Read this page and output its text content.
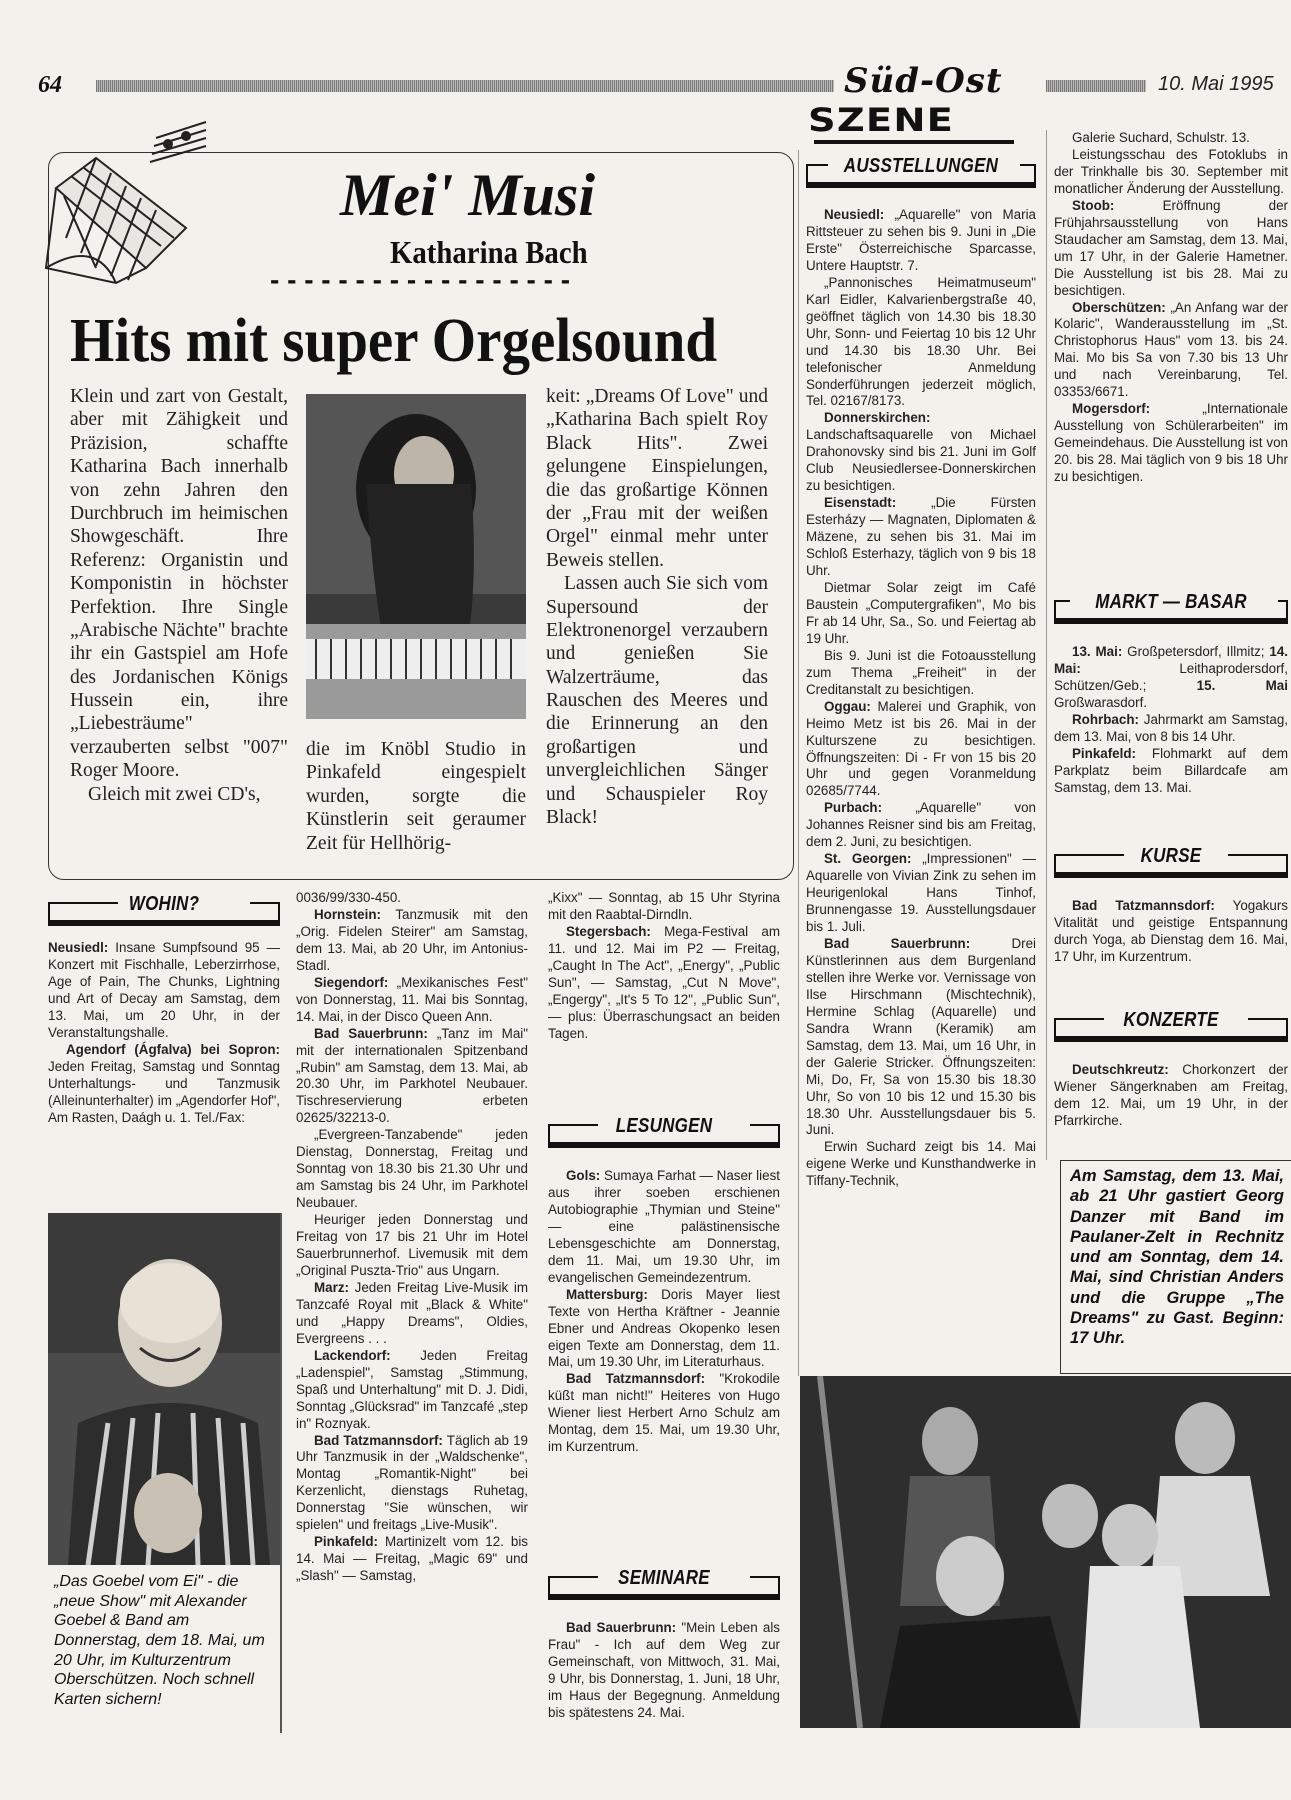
64	10. Mai 1995
Süd-Ost
SZENE
Mei' Musi
Katharina Bach
- - - - - - - - - - - - - - - - - -
Hits mit super Orgelsound

Klein und zart von Gestalt, aber mit Zähigkeit und Präzision, schaffte Katharina Bach innerhalb von zehn Jahren den Durchbruch im heimischen Showgeschäft. Ihre Referenz: Organistin und Komponistin in höchster Perfektion. Ihre Single „Arabische Nächte" brachte ihr ein Gastspiel am Hofe des Jordanischen Königs Hussein ein, ihre „Liebesträume" verzauberten selbst "007" Roger Moore.

Gleich mit zwei CD's,

die im Knöbl Studio in Pinkafeld eingespielt wurden, sorgte die Künstlerin seit geraumer Zeit für Hellhörig-

keit: „Dreams Of Love" und „Katharina Bach spielt Roy Black Hits". Zwei gelungene Einspielungen, die das großartige Können der „Frau mit der weißen Orgel" einmal mehr unter Beweis stellen.

Lassen auch Sie sich vom Supersound der Elektronenorgel verzaubern und genießen Sie Walzerträume, das Rauschen des Meeres und die Erinnerung an den großartigen und unvergleichlichen Sänger und Schauspieler Roy Black!

WOHIN?

Neusiedl: Insane Sumpfsound 95 — Konzert mit Fischhalle, Leberzirrhose, Age of Pain, The Chunks, Lightning und Art of Decay am Samstag, dem 13. Mai, um 20 Uhr, in der Veranstaltungshalle.

Agendorf (Ágfalva) bei Sopron: Jeden Freitag, Samstag und Sonntag Unterhaltungs- und Tanzmusik (Alleinunterhalter) im „Agendorfer Hof", Am Rasten, Daágh u. 1. Tel./Fax:

„Das Goebel vom Ei" - die „neue Show" mit Alexander Goebel & Band am Donnerstag, dem 18. Mai, um 20 Uhr, im Kulturzentrum Oberschützen. Noch schnell Karten sichern!

0036/99/330-450.

Hornstein: Tanzmusik mit den „Orig. Fidelen Steirer" am Samstag, dem 13. Mai, ab 20 Uhr, im Antonius-Stadl.

Siegendorf: „Mexikanisches Fest" von Donnerstag, 11. Mai bis Sonntag, 14. Mai, in der Disco Queen Ann.

Bad Sauerbrunn: „Tanz im Mai" mit der internationalen Spitzenband „Rubin" am Samstag, dem 13. Mai, ab 20.30 Uhr, im Parkhotel Neubauer. Tischreservierung erbeten 02625/32213-0.

„Evergreen-Tanzabende" jeden Dienstag, Donnerstag, Freitag und Sonntag von 18.30 bis 21.30 Uhr und am Samstag bis 24 Uhr, im Parkhotel Neubauer.

Heuriger jeden Donnerstag und Freitag von 17 bis 21 Uhr im Hotel Sauerbrunnerhof. Livemusik mit dem „Original Puszta-Trio" aus Ungarn.

Marz: Jeden Freitag Live-Musik im Tanzcafé Royal mit „Black & White" und „Happy Dreams", Oldies, Evergreens . . .

Lackendorf: Jeden Freitag „Ladenspiel", Samstag „Stimmung, Spaß und Unterhaltung" mit D. J. Didi, Sonntag „Glücksrad" im Tanzcafé „step in" Roznyak.

Bad Tatzmannsdorf: Täglich ab 19 Uhr Tanzmusik in der „Waldschenke", Montag „Romantik-Night" bei Kerzenlicht, dienstags Ruhetag, Donnerstag "Sie wünschen, wir spielen" und freitags „Live-Musik".

Pinkafeld: Martinizelt vom 12. bis 14. Mai — Freitag, „Magic 69" und „Slash" — Samstag,

„Kixx" — Sonntag, ab 15 Uhr Styrina mit den Raabtal-Dirndln.

Stegersbach: Mega-Festival am 11. und 12. Mai im P2 — Freitag, „Caught In The Act", „Energy", „Public Sun", — Samstag, „Cut N Move", „Engergy", „It's 5 To 12", „Public Sun", — plus: Überraschungsact an beiden Tagen.

LESUNGEN

Gols: Sumaya Farhat — Naser liest aus ihrer soeben erschienen Autobiographie „Thymian und Steine" — eine palästinensische Lebensgeschichte am Donnerstag, dem 11. Mai, um 19.30 Uhr, im evangelischen Gemeindezentrum.

Mattersburg: Doris Mayer liest Texte von Hertha Kräftner - Jeannie Ebner und Andreas Okopenko lesen eigen Texte am Donnerstag, dem 11. Mai, um 19.30 Uhr, im Literaturhaus.

Bad Tatzmannsdorf: "Krokodile küßt man nicht!" Heiteres von Hugo Wiener liest Herbert Arno Schulz am Montag, dem 15. Mai, um 19.30 Uhr, im Kurzentrum.

SEMINARE

Bad Sauerbrunn: "Mein Leben als Frau" - Ich auf dem Weg zur Gemeinschaft, von Mittwoch, 31. Mai, 9 Uhr, bis Donnerstag, 1. Juni, 18 Uhr, im Haus der Begegnung. Anmeldung bis spätestens 24. Mai.

AUSSTELLUNGEN

Neusiedl: „Aquarelle" von Maria Rittsteuer zu sehen bis 9. Juni in „Die Erste" Österreichische Sparcasse, Untere Hauptstr. 7.

„Pannonisches Heimatmuseum" Karl Eidler, Kalvarienbergstraße 40, geöffnet täglich von 14.30 bis 18.30 Uhr, Sonn- und Feiertag 10 bis 12 Uhr und 14.30 bis 18.30 Uhr. Bei telefonischer Anmeldung Sonderführungen jederzeit möglich, Tel. 02167/8173.

Donnerskirchen: Landschaftsaquarelle von Michael Drahonovsky sind bis 21. Juni im Golf Club Neusiedlersee-Donnerskirchen zu besichtigen.

Eisenstadt: „Die Fürsten Esterházy — Magnaten, Diplomaten & Mäzene, zu sehen bis 31. Mai im Schloß Esterhazy, täglich von 9 bis 18 Uhr.

Dietmar Solar zeigt im Café Baustein „Computergrafiken", Mo bis Fr ab 14 Uhr, Sa., So. und Feiertag ab 19 Uhr.

Bis 9. Juni ist die Fotoausstellung zum Thema „Freiheit" in der Creditanstalt zu besichtigen.

Oggau: Malerei und Graphik, von Heimo Metz ist bis 26. Mai in der Kulturszene zu besichtigen. Öffnungszeiten: Di - Fr von 15 bis 20 Uhr und gegen Voranmeldung 02685/7744.

Purbach: „Aquarelle" von Johannes Reisner sind bis am Freitag, dem 2. Juni, zu besichtigen.

St. Georgen: „Impressionen" — Aquarelle von Vivian Zink zu sehen im Heurigenlokal Hans Tinhof, Brunnengasse 19. Ausstellungsdauer bis 1. Juli.

Bad Sauerbrunn: Drei Künstlerinnen aus dem Burgenland stellen ihre Werke vor. Vernissage von Ilse Hirschmann (Mischtechnik), Hermine Schlag (Aquarelle) und Sandra Wrann (Keramik) am Samstag, dem 13. Mai, um 16 Uhr, in der Galerie Stricker. Öffnungszeiten: Mi, Do, Fr, Sa von 15.30 bis 18.30 Uhr, So von 10 bis 12 und 15.30 bis 18.30 Uhr. Ausstellungsdauer bis 5. Juni.

Erwin Suchard zeigt bis 14. Mai eigene Werke und Kunsthandwerke in Tiffany-Technik,

Galerie Suchard, Schulstr. 13.

Leistungsschau des Fotoklubs in der Trinkhalle bis 30. September mit monatlicher Änderung der Ausstellung.

Stoob: Eröffnung der Frühjahrsausstellung von Hans Staudacher am Samstag, dem 13. Mai, um 17 Uhr, in der Galerie Hametner. Die Ausstellung ist bis 28. Mai zu besichtigen.

Oberschützen: „An Anfang war der Kolaric", Wanderausstellung im „St. Christophorus Haus" vom 13. bis 24. Mai. Mo bis Sa von 7.30 bis 13 Uhr und nach Vereinbarung, Tel. 03353/6671.

Mogersdorf: „Internationale Ausstellung von Schülerarbeiten" im Gemeindehaus. Die Ausstellung ist von 20. bis 28. Mai täglich von 9 bis 18 Uhr zu besichtigen.

MARKT — BASAR

13. Mai: Großpetersdorf, Illmitz; 14. Mai: Leithaprodersdorf, Schützen/Geb.; 15. Mai Großwarasdorf.

Rohrbach: Jahrmarkt am Samstag, dem 13. Mai, von 8 bis 14 Uhr.

Pinkafeld: Flohmarkt auf dem Parkplatz beim Billardcafe am Samstag, dem 13. Mai.

KURSE

Bad Tatzmannsdorf: Yogakurs Vitalität und geistige Entspannung durch Yoga, ab Dienstag dem 16. Mai, 17 Uhr, im Kurzentrum.

KONZERTE

Deutschkreutz: Chorkonzert der Wiener Sängerknaben am Freitag, dem 12. Mai, um 19 Uhr, in der Pfarrkirche.

Am Samstag, dem 13. Mai, ab 21 Uhr gastiert Georg Danzer mit Band im Paulaner-Zelt in Rechnitz und am Sonntag, dem 14. Mai, sind Christian Anders und die Gruppe „The Dreams" zu Gast. Beginn: 17 Uhr.
